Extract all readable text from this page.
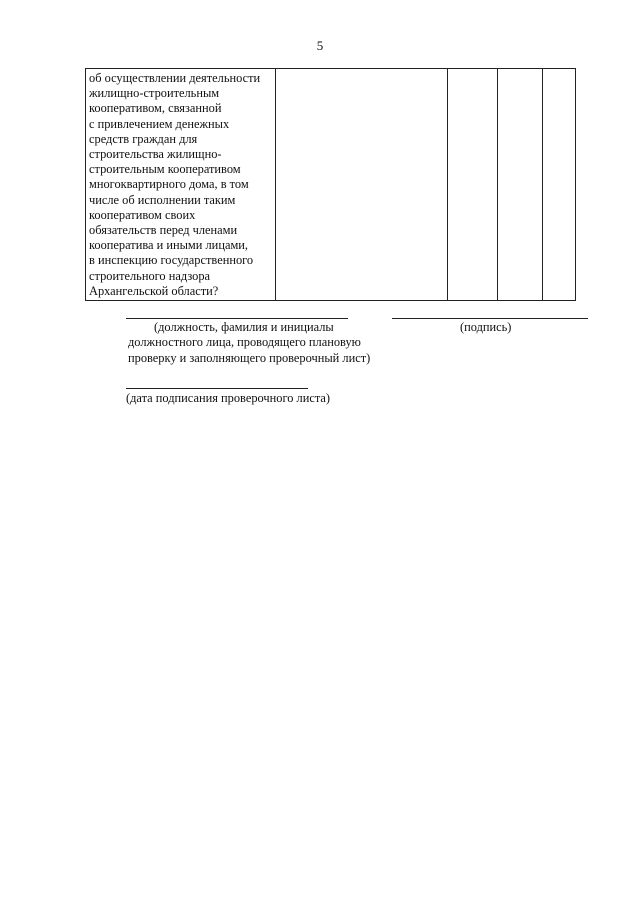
5
об осуществлении деятельности
жилищно-строительным
кооперативом, связанной
с привлечением денежных
средств граждан для
строительства жилищно-
строительным кооперативом
многоквартирного дома, в том
числе об исполнении таким
кооперативом своих
обязательств перед членами
кооператива и иными лицами,
в инспекцию государственного
строительного надзора
Архангельской области?

(должность, фамилия и инициалы
должностного лица, проводящего плановую
проверку и заполняющего проверочный лист)
(подпись)
(дата подписания проверочного листа)
